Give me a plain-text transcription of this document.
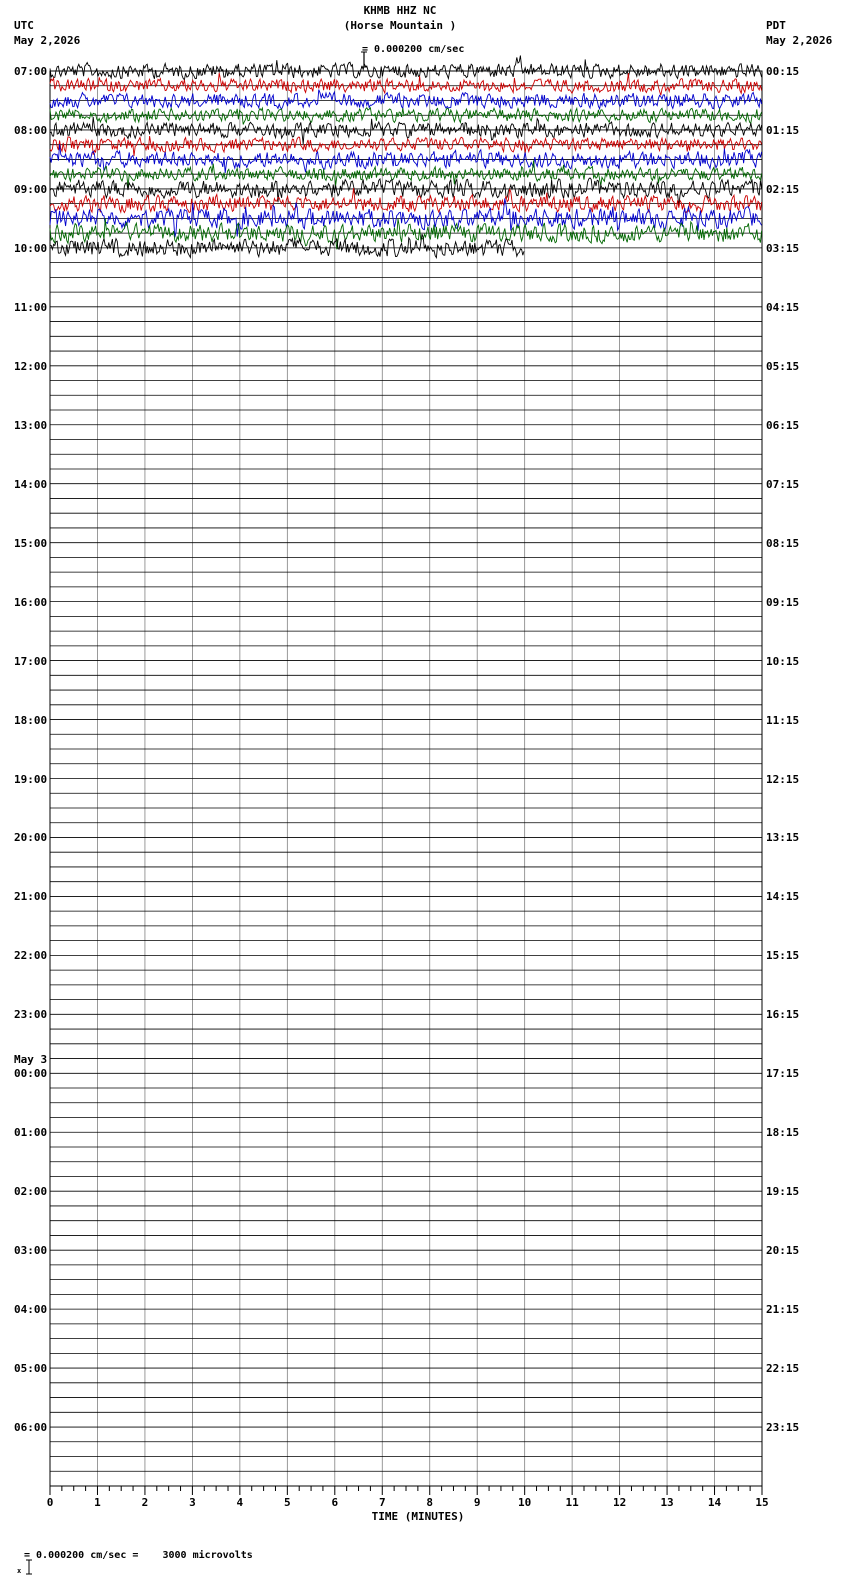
KHMB HHZ NC
(Horse Mountain )

= 0.000200 cm/sec
UTC
May 2,2026
PDT
May 2,2026
07:00
08:00
09:00
10:00
11:00
12:00
13:00
14:00
15:00
16:00
17:00
18:00
19:00
20:00
21:00
22:00
23:00
00:00
01:00
02:00
03:00
04:00
05:00
06:00
00:15
01:15
02:15
03:15
04:15
05:15
06:15
07:15
08:15
09:15
10:15
11:15
12:15
13:15
14:15
15:15
16:15
17:15
18:15
19:15
20:15
21:15
22:15
23:15
May 3
0	1	2	3	4	5	6	7	8	9	10	11	12	13	14	15
TIME (MINUTES)

x

= 0.000200 cm/sec =    3000 microvolts
